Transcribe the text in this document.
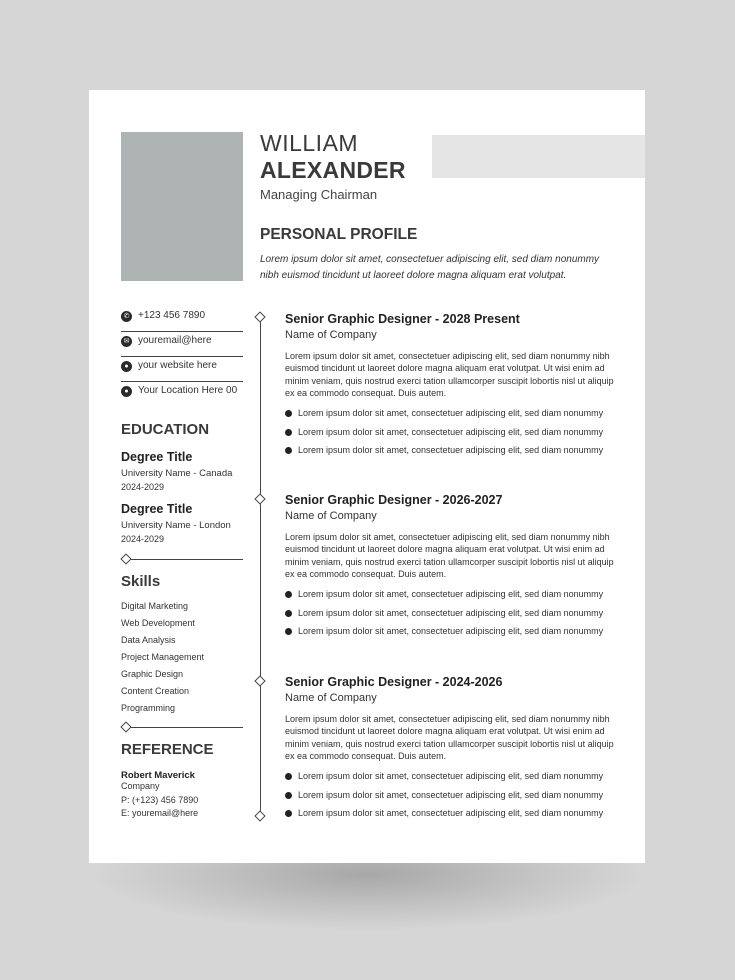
WILLIAM
ALEXANDER
Managing Chairman
PERSONAL PROFILE
Lorem ipsum dolor sit amet, consectetuer adipiscing elit, sed diam nonummy nibh euismod tincidunt ut laoreet dolore magna aliquam erat volutpat.
✆ +123 456 7890
✉ youremail@here
● your website here
● Your Location Here 00
EDUCATION
Degree Title
University Name - Canada
2024-2029
Degree Title
University Name - London
2024-2029
Skills
Digital Marketing
Web Development
Data Analysis
Project Management
Graphic Design
Content Creation
Programming
REFERENCE
Robert Maverick
Company
P: (+123) 456 7890
E: youremail@here
Senior Graphic Designer - 2028 Present
Name of Company
Lorem ipsum dolor sit amet, consectetuer adipiscing elit, sed diam nonummy nibh euismod tincidunt ut laoreet dolore magna aliquam erat volutpat. Ut wisi enim ad minim veniam, quis nostrud exerci tation ullamcorper suscipit lobortis nisl ut aliquip ex ea commodo consequat. Duis autem.
Lorem ipsum dolor sit amet, consectetuer adipiscing elit, sed diam nonummy
Lorem ipsum dolor sit amet, consectetuer adipiscing elit, sed diam nonummy
Lorem ipsum dolor sit amet, consectetuer adipiscing elit, sed diam nonummy
Senior Graphic Designer - 2026-2027
Name of Company
Lorem ipsum dolor sit amet, consectetuer adipiscing elit, sed diam nonummy nibh euismod tincidunt ut laoreet dolore magna aliquam erat volutpat. Ut wisi enim ad minim veniam, quis nostrud exerci tation ullamcorper suscipit lobortis nisl ut aliquip ex ea commodo consequat. Duis autem.
Lorem ipsum dolor sit amet, consectetuer adipiscing elit, sed diam nonummy
Lorem ipsum dolor sit amet, consectetuer adipiscing elit, sed diam nonummy
Lorem ipsum dolor sit amet, consectetuer adipiscing elit, sed diam nonummy
Senior Graphic Designer - 2024-2026
Name of Company
Lorem ipsum dolor sit amet, consectetuer adipiscing elit, sed diam nonummy nibh euismod tincidunt ut laoreet dolore magna aliquam erat volutpat. Ut wisi enim ad minim veniam, quis nostrud exerci tation ullamcorper suscipit lobortis nisl ut aliquip ex ea commodo consequat. Duis autem.
Lorem ipsum dolor sit amet, consectetuer adipiscing elit, sed diam nonummy
Lorem ipsum dolor sit amet, consectetuer adipiscing elit, sed diam nonummy
Lorem ipsum dolor sit amet, consectetuer adipiscing elit, sed diam nonummy
